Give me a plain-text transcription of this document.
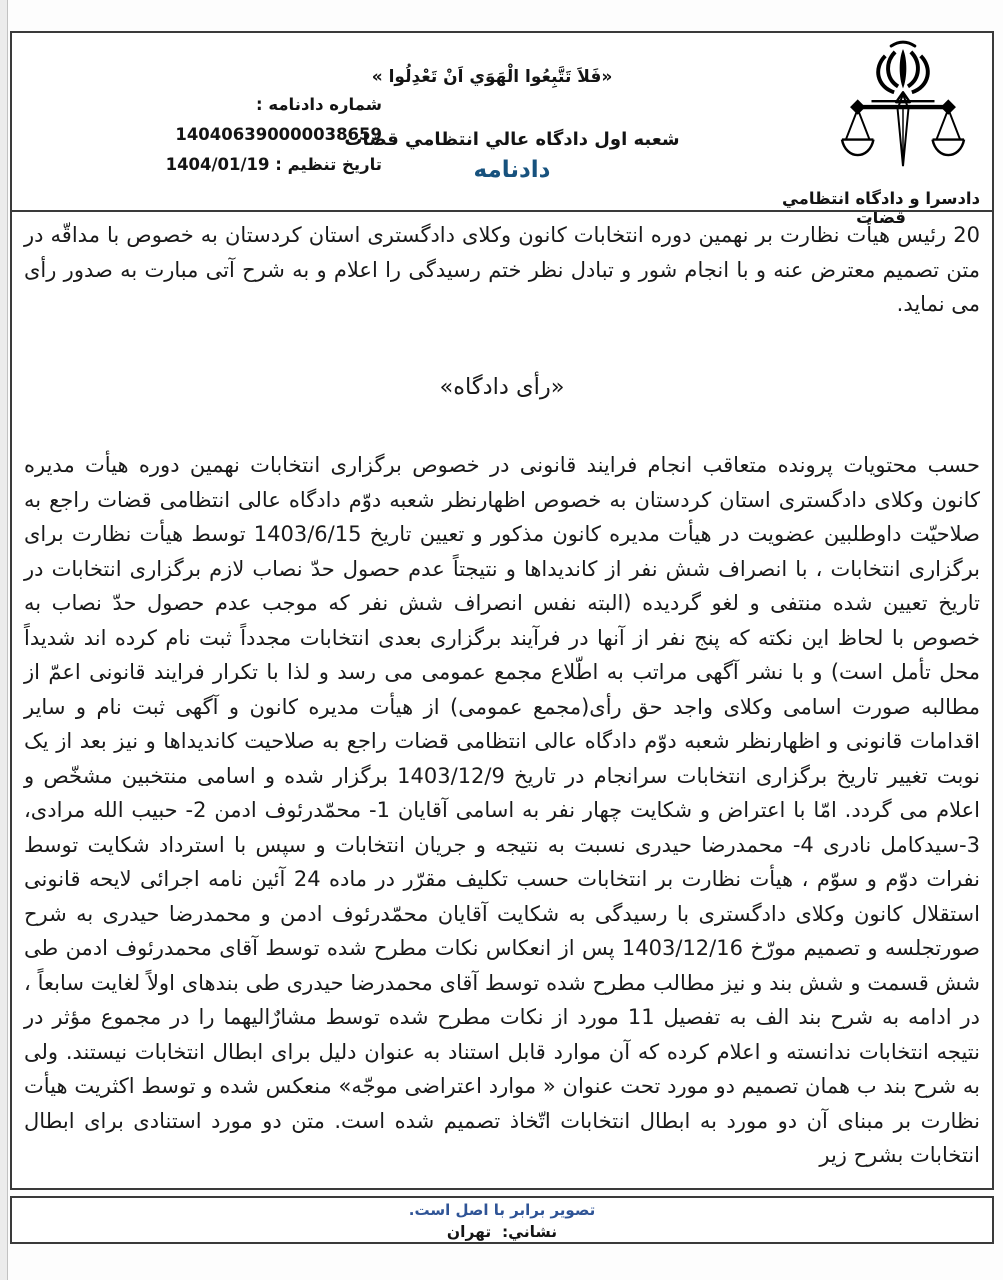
«فَلاَ تَتَّبِعُوا الْهَوَي اَنْ تَعْدِلُوا »
شماره دادنامه : 140406390000038659
تاريخ تنظيم : 1404/01/19
شعبه اول دادگاه عالي انتظامي قضات
دادنامه
دادسرا و دادگاه انتظامي قضات

20 رئیس هیأت نظارت بر نهمین دوره انتخابات کانون وکلای دادگستری استان کردستان به خصوص با مداقّه در متن تصمیم معترض عنه و با انجام شور و تبادل نظر ختم رسیدگی را اعلام و به شرح آتی مبارت به صدور رأی می نماید.

«رأی دادگاه»

حسب محتویات پرونده متعاقب انجام فرایند قانونی در خصوص برگزاری انتخابات نهمین دوره هیأت مدیره کانون وکلای دادگستری استان کردستان به خصوص اظهارنظر شعبه دوّم دادگاه عالی انتظامی قضات راجع به صلاحیّت داوطلبین عضویت در هیأت مدیره کانون مذکور و تعیین تاریخ 1403/6/15 توسط هیأت نظارت برای برگزاری انتخابات ، با انصراف شش نفر از کاندیداها و نتیجتاً عدم حصول حدّ نصاب لازم برگزاری انتخابات در تاریخ تعیین شده منتفی و لغو گردیده (البته نفس انصراف شش نفر که موجب عدم حصول حدّ نصاب به خصوص با لحاظ این نکته که پنج نفر از آنها در فرآیند برگزاری بعدی انتخابات مجدداً ثبت نام کرده اند شدیداً محل تأمل است) و با نشر آگهی مراتب به اطّلاع مجمع عمومی می رسد و لذا با تکرار فرایند قانونی اعمّ از مطالبه صورت اسامی وکلای واجد حق رأی(مجمع عمومی) از هیأت مدیره کانون و آگهی ثبت نام و سایر اقدامات قانونی و اظهارنظر شعبه دوّم دادگاه عالی انتظامی قضات راجع به صلاحیت کاندیداها و نیز بعد از یک نوبت تغییر تاریخ برگزاری انتخابات سرانجام در تاریخ 1403/12/9 برگزار شده و اسامی منتخبین مشخّص و اعلام می گردد. امّا با اعتراض و شکایت چهار نفر به اسامی آقایان 1- محمّدرئوف ادمن 2- حبیب الله مرادی، 3-سیدکامل نادری 4- محمدرضا حیدری نسبت به نتیجه و جریان انتخابات و سپس با استرداد شکایت توسط نفرات دوّم و سوّم ، هیأت نظارت بر انتخابات حسب تکلیف مقرّر در ماده 24 آئین نامه اجرائی لایحه قانونی استقلال کانون وکلای دادگستری با رسیدگی به شکایت آقایان محمّدرئوف ادمن و محمدرضا حیدری به شرح صورتجلسه و تصمیم مورّخ 1403/12/16 پس از انعکاس نکات مطرح شده توسط آقای محمدرئوف ادمن طی شش قسمت و شش بند و نیز مطالب مطرح شده توسط آقای محمدرضا حیدری طی بندهای اولاً لغایت سابعاً ، در ادامه به شرح بند الف به تفصیل 11 مورد از نکات مطرح شده توسط مشارٌالیهما را در مجموع مؤثر در نتیجه انتخابات ندانسته و اعلام کرده که آن موارد قابل استناد به عنوان دلیل برای ابطال انتخابات نیستند. ولی به شرح بند ب همان تصمیم دو مورد تحت عنوان « موارد اعتراضی موجّه» منعکس شده و توسط اکثریت هیأت نظارت بر مبنای آن دو مورد به ابطال انتخابات اتّخاذ تصمیم شده است. متن دو مورد استنادی برای ابطال انتخابات بشرح زیر

تصوير برابر با اصل است.
نشاني:  تهران
